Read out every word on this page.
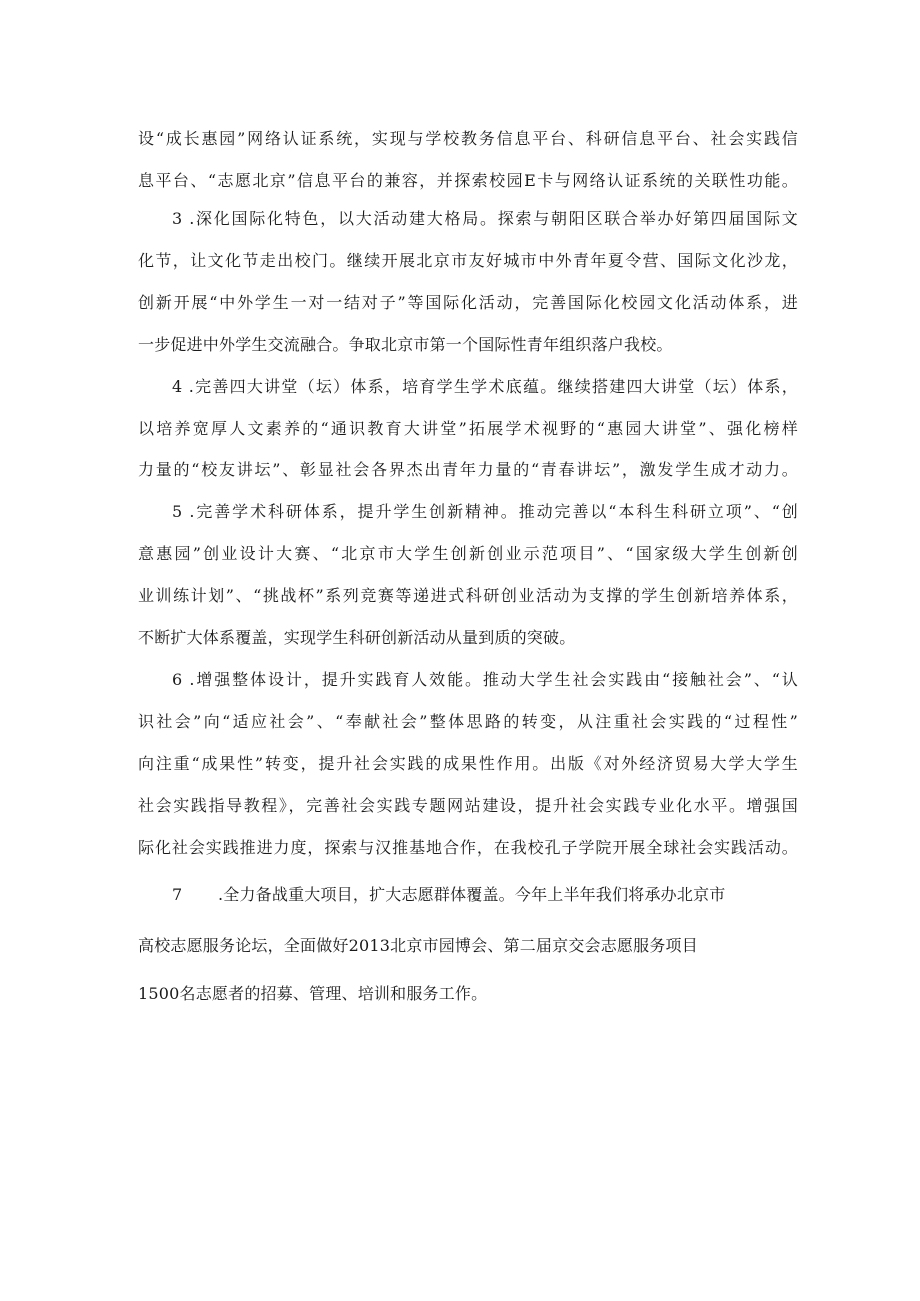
设“成长惠园”网络认证系统，实现与学校教务信息平台、科研信息平台、社会实践信
息平台、“志愿北京”信息平台的兼容，并探索校园E卡与网络认证系统的关联性功能。
3 .深化国际化特色，以大活动建大格局。探索与朝阳区联合举办好第四届国际文
化节，让文化节走出校门。继续开展北京市友好城市中外青年夏令营、国际文化沙龙，
创新开展“中外学生一对一结对子”等国际化活动，完善国际化校园文化活动体系，进
一步促进中外学生交流融合。争取北京市第一个国际性青年组织落户我校。
4 .完善四大讲堂（坛）体系，培育学生学术底蕴。继续搭建四大讲堂（坛）体系，
以培养宽厚人文素养的“通识教育大讲堂”拓展学术视野的“惠园大讲堂”、强化榜样
力量的“校友讲坛”、彰显社会各界杰出青年力量的“青春讲坛”，激发学生成才动力。
5 .完善学术科研体系，提升学生创新精神。推动完善以“本科生科研立项”、“创
意惠园”创业设计大赛、“北京市大学生创新创业示范项目”、“国家级大学生创新创
业训练计划”、“挑战杯”系列竞赛等递进式科研创业活动为支撑的学生创新培养体系，
不断扩大体系覆盖，实现学生科研创新活动从量到质的突破。
6 .增强整体设计，提升实践育人效能。推动大学生社会实践由“接触社会”、“认
识社会”向“适应社会”、“奉献社会”整体思路的转变，从注重社会实践的“过程性”
向注重“成果性”转变，提升社会实践的成果性作用。出版《对外经济贸易大学大学生
社会实践指导教程》，完善社会实践专题网站建设，提升社会实践专业化水平。增强国
际化社会实践推进力度，探索与汉推基地合作，在我校孔子学院开展全球社会实践活动。
7	.全力备战重大项目，扩大志愿群体覆盖。今年上半年我们将承办北京市
高校志愿服务论坛，全面做好2013北京市园博会、第二届京交会志愿服务项目
1500名志愿者的招募、管理、培训和服务工作。
